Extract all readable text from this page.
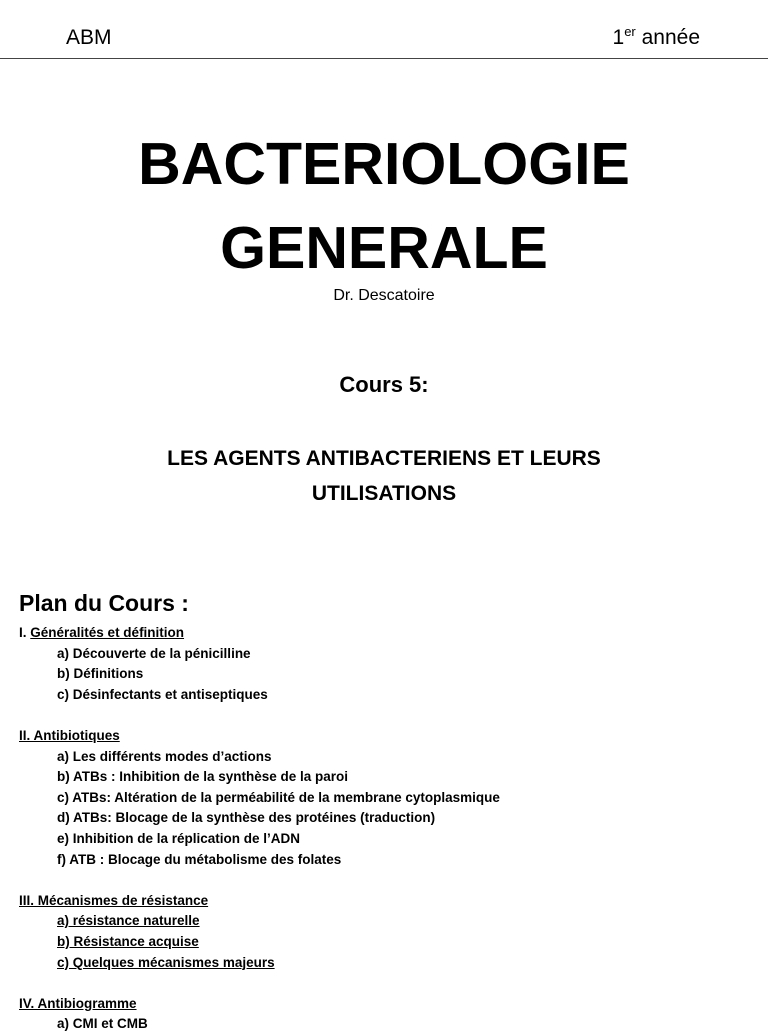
ABM	1er année
BACTERIOLOGIE
GENERALE
Dr. Descatoire
Cours 5:
LES AGENTS ANTIBACTERIENS ET LEURS
UTILISATIONS
Plan du Cours :
I. Généralités et définition
a) Découverte de la pénicilline
b) Définitions
c) Désinfectants et antiseptiques
II. Antibiotiques
a) Les différents modes d’actions
b) ATBs : Inhibition de la synthèse de la paroi
c) ATBs: Altération de la perméabilité de la membrane cytoplasmique
d) ATBs: Blocage de la synthèse des protéines (traduction)
e) Inhibition de la réplication de l’ADN
f) ATB : Blocage du métabolisme des folates
III. Mécanismes de résistance
a) résistance naturelle
b) Résistance acquise
c) Quelques mécanismes majeurs
IV. Antibiogramme
a) CMI et CMB
